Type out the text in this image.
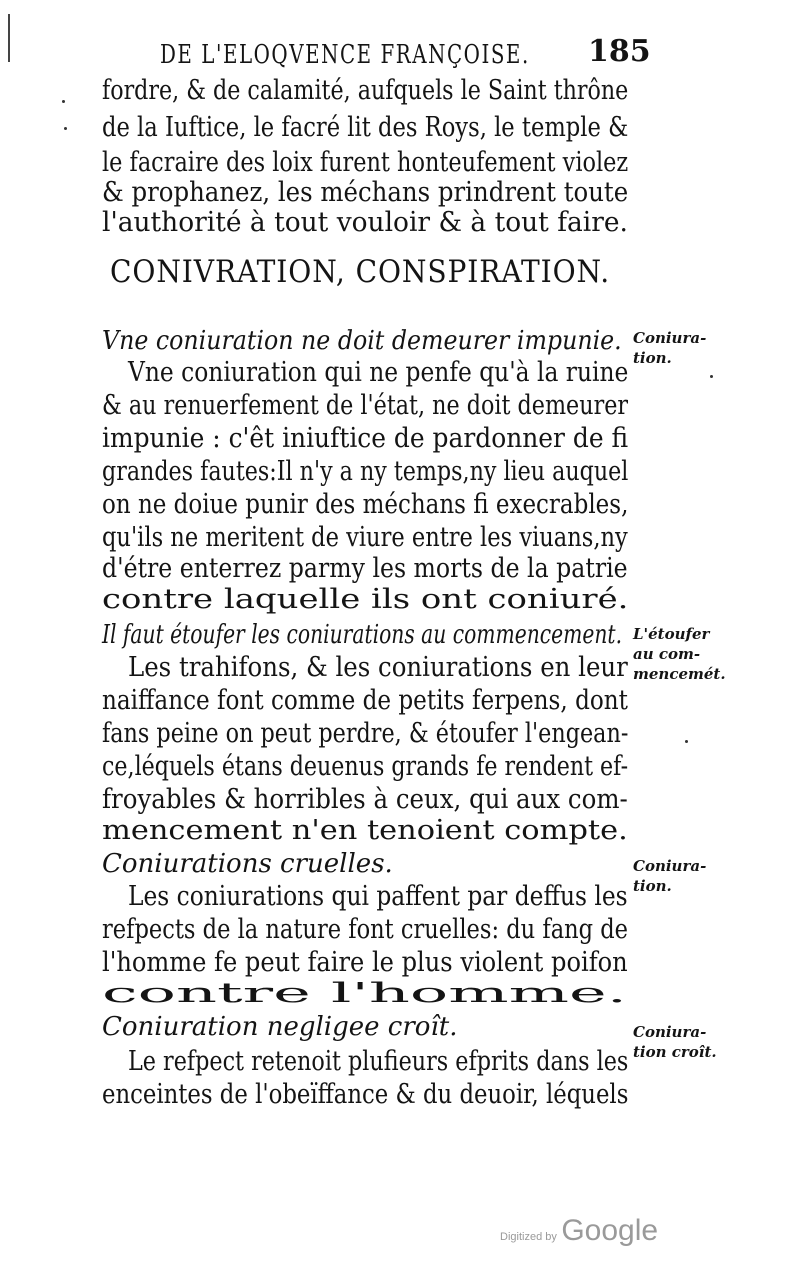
DE L'ELOQVENCE FRANÇOISE. 185
fordre, & de calamité, aufquels le Saint thrône
de la Iuftice, le facré lit des Roys, le temple &
le facraire des loix furent honteufement violez
& prophanez, les méchans prindrent toute
l'authorité à tout vouloir & à tout faire.
CONIVRATION, CONSPIRATION.
Vne coniuration ne doit demeurer impunie. Coniura-
tion.
Vne coniuration qui ne penfe qu'à la ruine
& au renuerfement de l'état, ne doit demeurer
impunie : c'êt iniuftice de pardonner de fi
grandes fautes:Il n'y a ny temps,ny lieu auquel
on ne doiue punir des méchans fi execrables,
qu'ils ne meritent de viure entre les viuans,ny
d'étre enterrez parmy les morts de la patrie
contre laquelle ils ont coniuré.
Il faut étoufer les coniurations au commencement. L'étoufer
au com-
mencemét.
Les trahifons, & les coniurations en leur
naiffance font comme de petits ferpens, dont
fans peine on peut perdre, & étoufer l'engean-
ce,léquels étans deuenus grands fe rendent ef-
froyables & horribles à ceux, qui aux com-
mencement n'en tenoient compte.
Coniurations cruelles.	Coniura-
tion.
Les coniurations qui paffent par deffus les
refpects de la nature font cruelles: du fang de
l'homme fe peut faire le plus violent poifon
contre l'homme.
Coniuration negligee croît.	Coniura-
tion croît.
Le refpect retenoit plufieurs efprits dans les
enceintes de l'obeïffance & du deuoir, léquels
Digitized by Google
